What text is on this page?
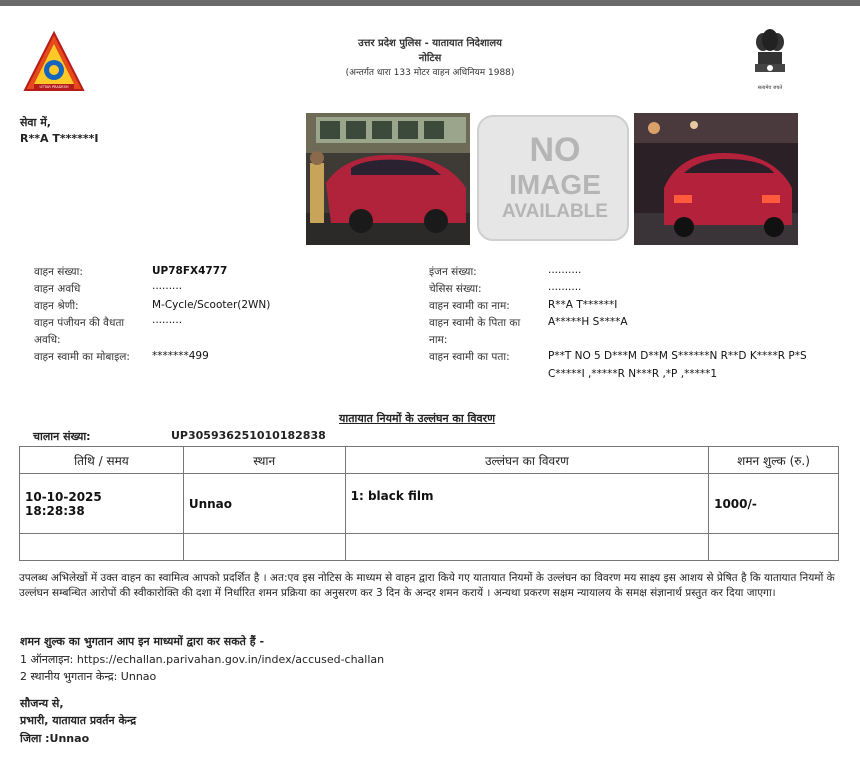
UTTAR PRADESH
उत्तर प्रदेश पुलिस - यातायात निदेशालय
नोटिस
(अन्तर्गत धारा 133 मोटर वाहन अधिनियम 1988)
सत्यमेव जयते
सेवा में,
R**A T******I	NO
IMAGE
AVAILABLE
वाहन संख्या:	UP78FX4777
वाहन अवधि	.........
वाहन श्रेणी:	M-Cycle/Scooter(2WN)
वाहन पंजीयन की वैधता	.........
अवधि:
वाहन स्वामी का मोबाइल: *******499
इंजन संख्या:	..........
चेसिस संख्या:	..........
वाहन स्वामी का नाम:	R**A T******I
वाहन स्वामी के पिता का	A*****H S****A
नाम:
वाहन स्वामी का पता:	P**T NO 5 D***M D**M S******N R**D K****R P*S
C*****I ,*****R N***R ,*P ,*****1
यातायात नियमों के उल्लंघन का विवरण
चालान संख्या:	UP305936251010182838
तिथि / समय	स्थान	उल्लंघन का विवरण	शमन शुल्क (रु.)

10-10-2025
18:28:38	Unnao	1: black film	1000/-

उपलब्ध अभिलेखों में उक्त वाहन का स्वामित्व आपको प्रदर्शित है । अत:एव इस नोटिस के माध्यम से वाहन द्वारा किये गए यातायात नियमों के उल्लंघन का विवरण मय साक्ष्य इस आशय से प्रेषित है कि यातायात नियमों के उल्लंघन सम्बन्धित आरोपों की स्वीकारोक्ति की दशा में निर्धारित शमन प्रक्रिया का अनुसरण कर 3 दिन के अन्दर शमन करायें । अन्यथा प्रकरण सक्षम न्यायालय के समक्ष संज्ञानार्थ प्रस्तुत कर दिया जाएगा।
शमन शुल्क का भुगतान आप इन माध्यमों द्वारा कर सकते हैं -
1 ऑनलाइन: https://echallan.parivahan.gov.in/index/accused-challan
2 स्थानीय भुगतान केन्द्र: Unnao
सौजन्य से,
प्रभारी, यातायात प्रवर्तन केन्द्र
जिला :Unnao
